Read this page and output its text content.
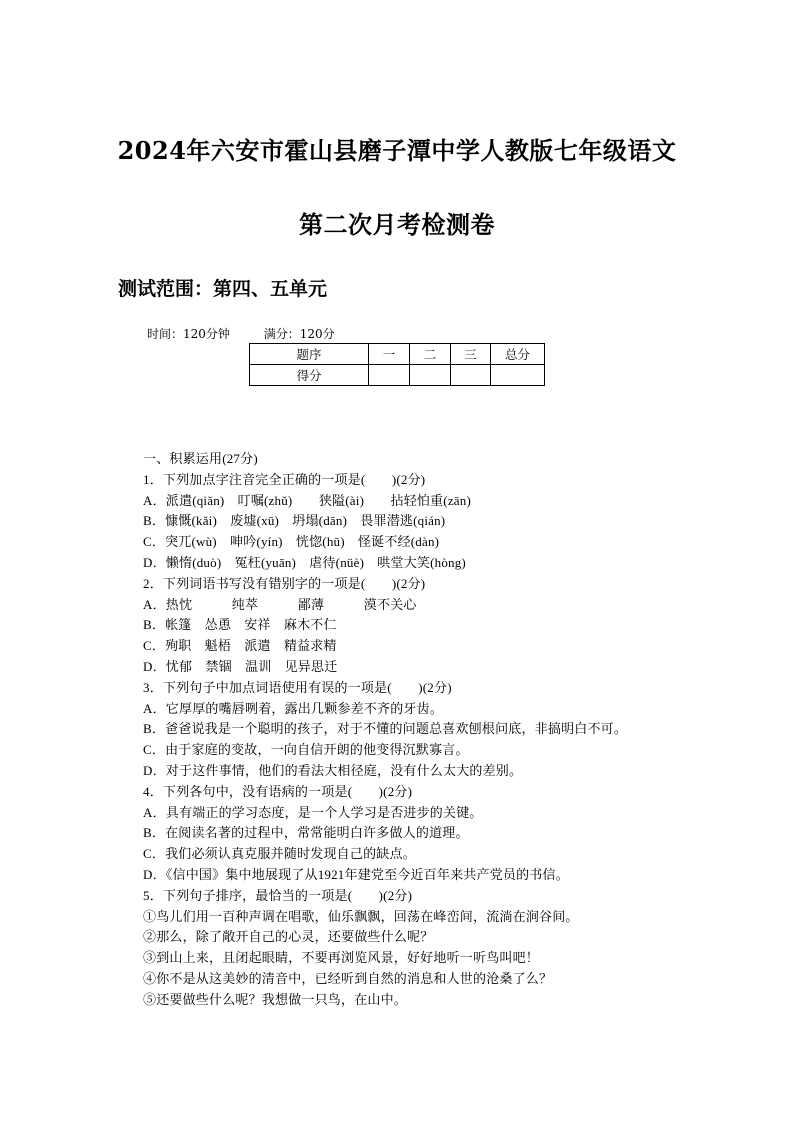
2024年六安市霍山县磨子潭中学人教版七年级语文
第二次月考检测卷
测试范围：第四、五单元
时间：120分钟	满分：120分
题序	一	二	三	总分
得分				
一、积累运用(27分)
1．下列加点字注音完全正确的一项是(　　)(2分)
A．派遣(qiǎn)　叮嘱(zhǔ)　　狭隘(ài)　　拈轻怕重(zān)
B．慷慨(kǎi)　废墟(xū)　坍塌(dān)　畏罪潜逃(qián)
C．突兀(wù)　呻吟(yín)　恍惚(hū)　怪诞不经(dàn)
D．懒惰(duò)　冤枉(yuān)　虐待(nüè)　哄堂大笑(hòng)
2．下列词语书写没有错别字的一项是(　　)(2分)
A．热忱　　　纯萃　　　鄙薄　　　漠不关心
B．帐篷　怂恿　安祥　麻木不仁
C．殉职　魁梧　派遣　精益求精
D．忧郁　禁锢　温训　见异思迁
3．下列句子中加点词语使用有误的一项是(　　)(2分)
A．它厚厚的嘴唇咧着，露出几颗参差不齐的牙齿。
B．爸爸说我是一个聪明的孩子，对于不懂的问题总喜欢刨根问底，非搞明白不可。
C．由于家庭的变故，一向自信开朗的他变得沉默寡言。
D．对于这件事情，他们的看法大相径庭，没有什么太大的差别。
4．下列各句中，没有语病的一项是(　　)(2分)
A．具有端正的学习态度，是一个人学习是否进步的关键。
B．在阅读名著的过程中，常常能明白许多做人的道理。
C．我们必须认真克服并随时发现自己的缺点。
D．《信中国》集中地展现了从1921年建党至今近百年来共产党员的书信。
5．下列句子排序，最恰当的一项是(　　)(2分)
①鸟儿们用一百种声调在唱歌，仙乐飘飘，回荡在峰峦间，流淌在涧谷间。
②那么，除了敞开自己的心灵，还要做些什么呢？
③到山上来，且闭起眼睛，不要再浏览风景，好好地听一听鸟叫吧！
④你不是从这美妙的清音中，已经听到自然的消息和人世的沧桑了么？
⑤还要做些什么呢？我想做一只鸟，在山中。
